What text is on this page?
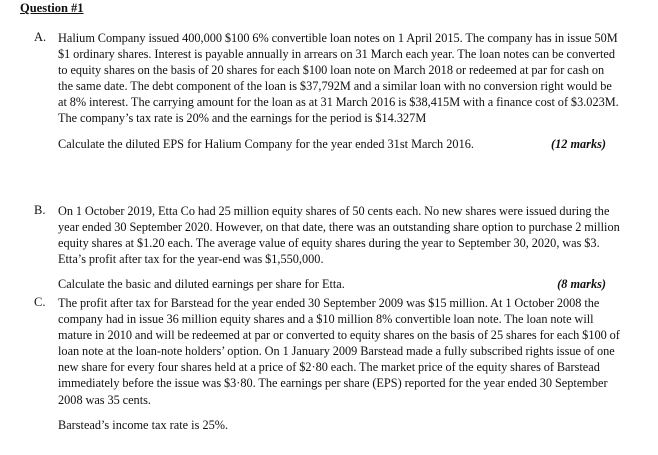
Question #1
A. Halium Company issued 400,000 $100 6% convertible loan notes on 1 April 2015. The company has in issue 50M $1 ordinary shares. Interest is payable annually in arrears on 31 March each year. The loan notes can be converted to equity shares on the basis of 20 shares for each $100 loan note on March 2018 or redeemed at par for cash on the same date. The debt component of the loan is $37,792M and a similar loan with no conversion right would be at 8% interest. The carrying amount for the loan as at 31 March 2016 is $38,415M with a finance cost of $3.023M. The company’s tax rate is 20% and the earnings for the period is $14.327M

Calculate the diluted EPS for Halium Company for the year ended 31st March 2016.	(12 marks)
B.	On 1 October 2019, Etta Co had 25 million equity shares of 50 cents each. No new shares were issued during the year ended 30 September 2020. However, on that date, there was an outstanding share option to purchase 2 million equity shares at $1.20 each. The average value of equity shares during the year to September 30, 2020, was $3. Etta’s profit after tax for the year-end was $1,550,000.

Calculate the basic and diluted earnings per share for Etta.	(8 marks)
C.	The profit after tax for Barstead for the year ended 30 September 2009 was $15 million. At 1 October 2008 the company had in issue 36 million equity shares and a $10 million 8% convertible loan note. The loan note will mature in 2010 and will be redeemed at par or converted to equity shares on the basis of 25 shares for each $100 of loan note at the loan-note holders’ option. On 1 January 2009 Barstead made a fully subscribed rights issue of one new share for every four shares held at a price of $2·80 each. The market price of the equity shares of Barstead immediately before the issue was $3·80. The earnings per share (EPS) reported for the year ended 30 September 2008 was 35 cents.

Barstead’s income tax rate is 25%.
